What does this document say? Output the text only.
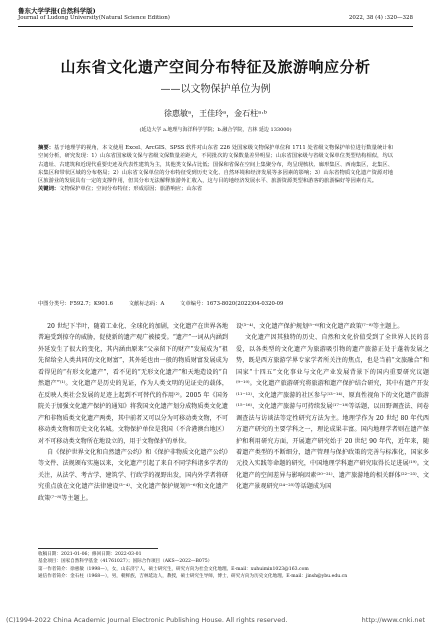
鲁东大学学报(自然科学版)
Journal of Ludong University(Natural Science Edition)	2022, 38 (4) :320—328
山东省文化遗产空间分布特征及旅游响应分析
——以文物保护单位为例
徐惠敏ᵃ，王佳玲ᵃ，金石柱ᵃ·ᵇ
(延边大学 a.地理与海洋科学学院；b.融合学院，吉林 延边 133000)
摘要：基于地理学的视角，本文使用 Excel、ArcGIS、SPSS 软件对山东省 226 处国家级文物保护单位和 1711 处省级文物保护单位进行数量统计和空间分析，研究发现：1）山东省国家级文保与省级文保数量差距大，不同批次的文保数量差异明显；山东省国家级与省级文保单位类型结构相似，均以古遗址、古建筑和近现代重要史迹及代表性建筑为主，其他类文保占比低；国保和省保在空间上集聚分布，均呈现核状、廊形集区、西南集区，北集区、东集区和带状区域的分布格局；2）山东省文保单位的分布特征受到历史文化、自然环境和经济发展等多因素的影响；3）山东省物质文化遗产资源对地区旅游业的发展具有一定的支撑作用，但其分布无法解释旅游外汇收入，这与目的地经济发展水平、旅游资源类型和游客的旅游偏好等因素有关。
关键词：文物保护单位；空间分布特征；形成原因；旅游响应；山东省
中图分类号：F592.7；K901.6	文献标志码：A	文章编号：1673-8020(2022)04-0320-09

20 世纪下半叶，随着工业化、全球化的加剧，文化遗产在世界各地普遍受到掠夺的威胁，促使新的遗产观广被接受。“遗产”一词从内涵到外延发生了很大的变化，其内涵由原来“父亲留下的财产”发展成为“祖先留给全人类共同的文化财富”，其外延也由一般的物质财富发展成为看得见的“有形文化遗产”，看不见的“无形文化遗产”和天地造设的“自然遗产”⁽¹⁾。文化遗产是历史的见证，作为人类文明的见证史的载体，在反映人类社会发展的足迹上起到不可替代的作用⁽²⁾。2005 年《国务院关于加强文化遗产保护的通知》将我国文化遗产划分成物质类文化遗产和非物质类文化遗产两类，其中前者又可以分为可移动类文物，不可移动类文物和历史文化名城。文物保护单位是我国（不含港澳台地区）对不可移动类文物所在地设立的，用于文物保护的单位。

自《保护世界文化和自然遗产公约》和《保护非物质文化遗产公约》等文件、法规颁布实施以来，文化遗产引起了来自不同学科诸多学者的关注，从法学、考古学、建筑学、行政学的视野出发，国内外学者将研究重点放在文化遗产法律建设⁽³⁻⁴⁾、文化遗产保护规划⁽⁵⁻⁶⁾和文化遗产政策⁽⁷⁻⁸⁾等主题上。

设⁽³⁻⁴⁾、文化遗产保护规划⁽⁵⁻⁶⁾和文化遗产政策⁽⁷⁻⁸⁾等主题上。

文化遗产因其独特的历史、自然和文化价值受到了全世界人民的喜爱，以各类型的文化遗产为旅游吸引物的遗产旅游正处于蓬勃发展之势，既是西方旅游学界专家学者所关注的焦点，也是当前“文旅融合”和国家“十四五”文化事业与文化产业发展背景下的国内重要研究议题⁽⁹⁻¹⁰⁾。文化遗产旅游研究将旅游和遗产保护结合研究，其中有遗产开发⁽¹¹⁻¹²⁾、文化遗产旅游的社区参与⁽¹³⁻¹⁴⁾、原真性视角下的文化遗产旅游⁽¹⁵⁻¹⁶⁾、文化遗产旅游与可持续发展⁽¹⁷⁻¹⁸⁾等话题，以田野调查法、问卷调查法与访谈法等定性研究方法为主。地理学作为 20 世纪 80 年代西方遗产研究的主要学科之一，理论成果丰富。国内地理学者则在遗产保护和利用研究方面，开展遗产研究始于 20 世纪 90 年代，近年来，随着遗产类型的不断细分，遗产管理与保护政策的完善与标准化，国家多元投入实践等命题的研究，中国地理学科遗产研究取得长足进展⁽¹⁹⁾。文化遗产的空间差异与影响因素⁽²⁰⁻²¹⁾、遗产旅游地的相关群体⁽²²⁻²³⁾、文化遗产景观研究⁽²⁴⁻²⁵⁾等话题成为国

收稿日期：2021-01-06；修回日期：2022-03-01
基金项目：国家自然科学基金（41761027）；国际合作项目（AKS—2022—B075）
第一作者简介：徐惠敏（1998—），女，山东济宁人，硕士研究生，研究方向为社会文化地理。E-mail：xuhuimin1023@163.com
通信作者简介：金石柱（1968—），男，朝鲜族，吉林延边人，教授，硕士研究生导师，博士，研究方向为历史文化地理。E-mail：jinsh@ybu.edu.cn
(C)1994-2022 China Academic Journal Electronic Publishing House. All rights reserved.	http://www.cnki.net
